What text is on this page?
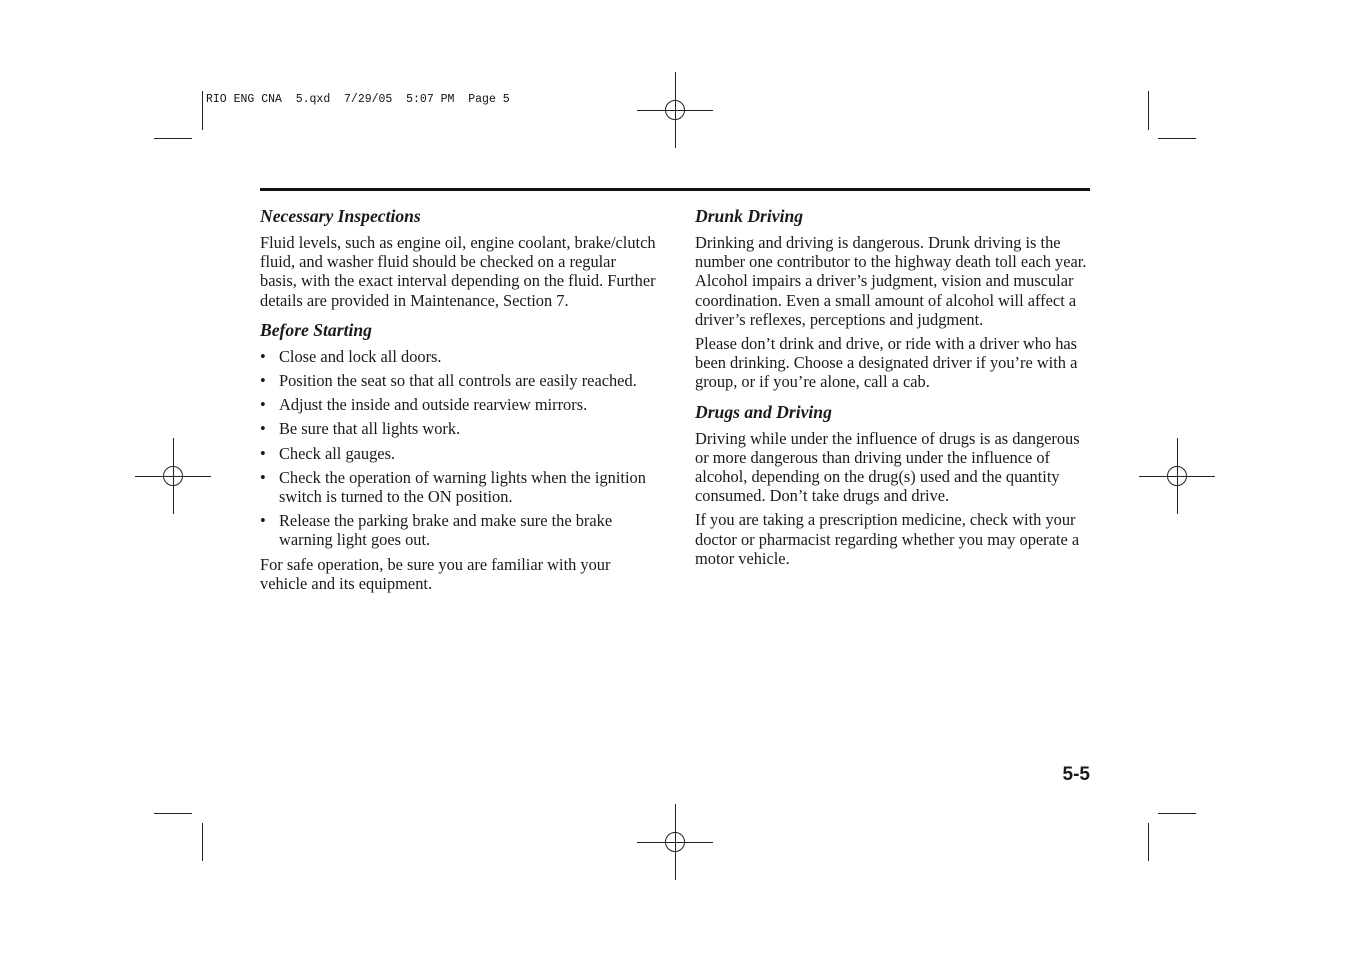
RIO ENG CNA  5.qxd  7/29/05  5:07 PM  Page 5
Necessary Inspections

Fluid levels, such as engine oil, engine coolant, brake/clutch fluid, and washer fluid should be checked on a regular basis, with the exact interval depending on the fluid. Further details are provided in Maintenance, Section 7.

Before Starting
• Close and lock all doors.
• Position the seat so that all controls are easily reached.
• Adjust the inside and outside rearview mirrors.
• Be sure that all lights work.
• Check all gauges.
• Check the operation of warning lights when the ignition switch is turned to the ON position.
• Release the parking brake and make sure the brake warning light goes out.

For safe operation, be sure you are familiar with your vehicle and its equipment.

Drunk Driving

Drinking and driving is dangerous. Drunk driving is the number one contributor to the highway death toll each year. Alcohol impairs a driver’s judgment, vision and muscular coordination. Even a small amount of alcohol will affect a driver’s reflexes, perceptions and judgment.

Please don’t drink and drive, or ride with a driver who has been drinking. Choose a designated driver if you’re with a group, or if you’re alone, call a cab.

Drugs and Driving

Driving while under the influence of drugs is as dangerous or more dangerous than driving under the influence of alcohol, depending on the drug(s) used and the quantity consumed. Don’t take drugs and drive.

If you are taking a prescription medicine, check with your doctor or pharmacist regarding whether you may operate a motor vehicle.

5-5
